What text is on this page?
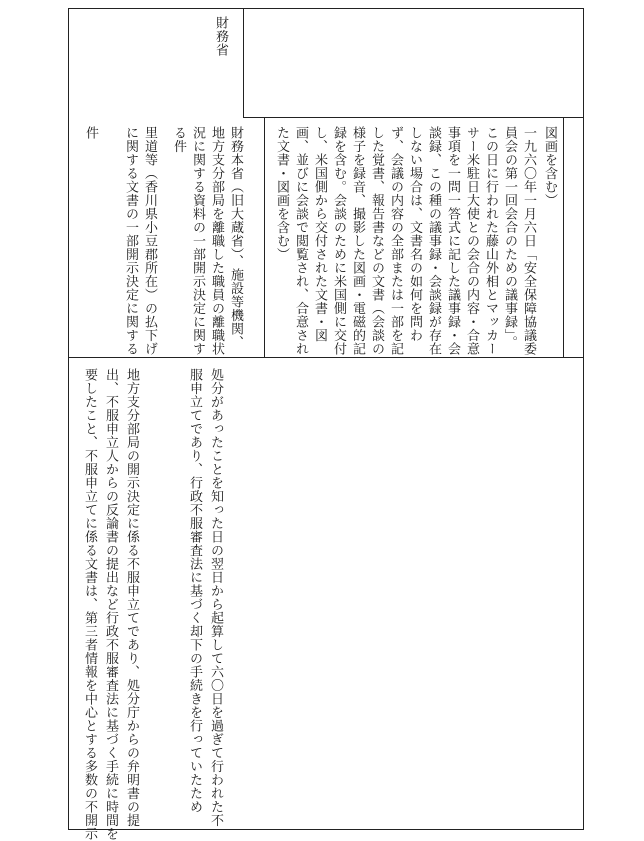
財務省
図画を含む）
一九六〇年一月六日「安全保障協議委
員会の第一回会合のための議事録」。
この日に行われた藤山外相とマッカー
サー米駐日大使との会合の内容・合意
事項を一問一答式に記した議事録・会
談録、この種の議事録・会談録が存在
しない場合は、文書名の如何を問わ
ず、会議の内容の全部または一部を記
した覚書、報告書などの文書（会談の
様子を録音、撮影した図画・電磁的記
録を含む。会談のために米国側に交付
し、米国側から交付された文書・図
画、並びに会談で閲覧され、合意され
た文書・図画を含む）
財務本省（旧大蔵省）、施設等機関、
地方支分部局を離職した職員の離職状
況に関する資料の一部開示決定に関す
る件
里道等（香川県小豆郡所在）の払下げ
に関する文書の一部開示決定に関する
件
処分があったことを知った日の翌日から起算して六〇日を過ぎて行われた不
服申立てであり、行政不服審査法に基づく却下の手続きを行っていたため
地方支分部局の開示決定に係る不服申立てであり、処分庁からの弁明書の提
出、不服申立人からの反論書の提出など行政不服審査法に基づく手続に時間を
要したこと、不服申立てに係る文書は、第三者情報を中心とする多数の不開示
